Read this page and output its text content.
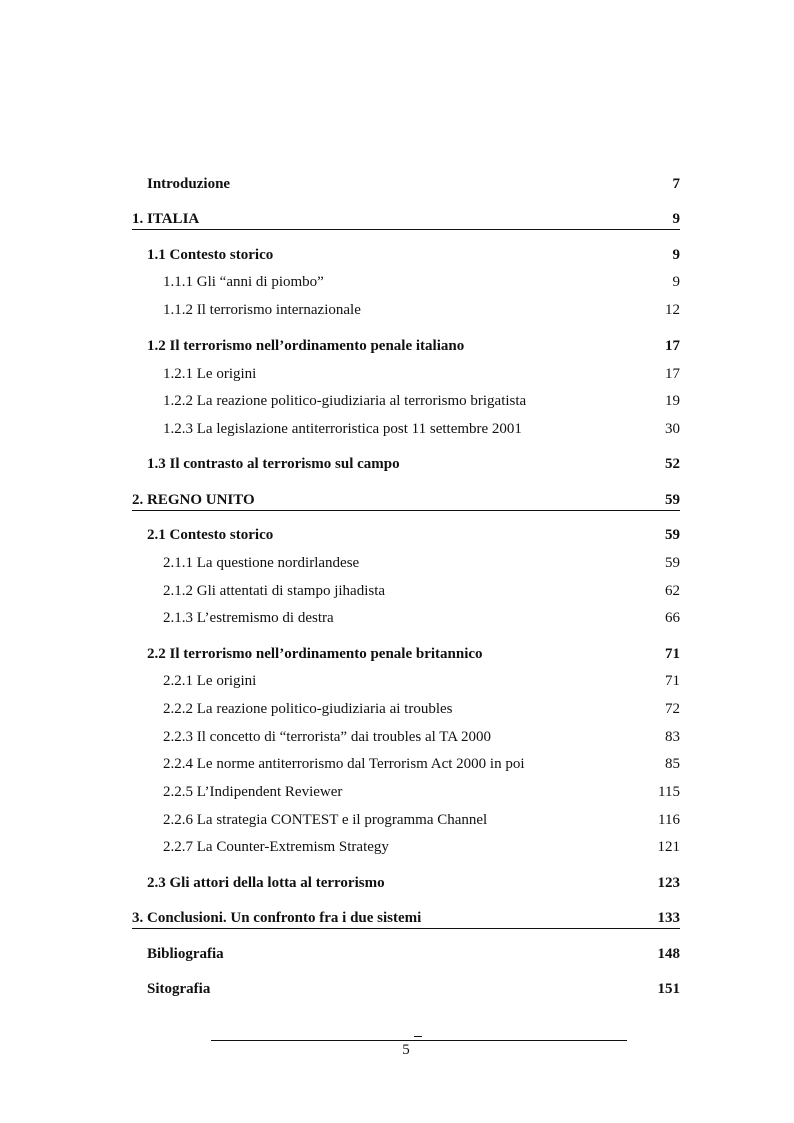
Introduzione	7
1. ITALIA	9
1.1 Contesto storico	9
1.1.1 Gli “anni di piombo”	9
1.1.2 Il terrorismo internazionale	12
1.2 Il terrorismo nell’ordinamento penale italiano	17
1.2.1 Le origini	17
1.2.2 La reazione politico-giudiziaria al terrorismo brigatista	19
1.2.3 La legislazione antiterroristica post 11 settembre 2001	30
1.3 Il contrasto al terrorismo sul campo	52
2. REGNO UNITO	59
2.1 Contesto storico	59
2.1.1 La questione nordirlandese	59
2.1.2 Gli attentati di stampo jihadista	62
2.1.3 L’estremismo di destra	66
2.2 Il terrorismo nell’ordinamento penale britannico	71
2.2.1 Le origini	71
2.2.2 La reazione politico-giudiziaria ai troubles	72
2.2.3 Il concetto di “terrorista” dai troubles al TA 2000	83
2.2.4 Le norme antiterrorismo dal Terrorism Act 2000 in poi	85
2.2.5 L’Indipendent Reviewer	115
2.2.6 La strategia CONTEST e il programma Channel	116
2.2.7 La Counter-Extremism Strategy	121
2.3 Gli attori della lotta al terrorismo	123
3. Conclusioni. Un confronto fra i due sistemi	133
Bibliografia	148
Sitografia	151
5
